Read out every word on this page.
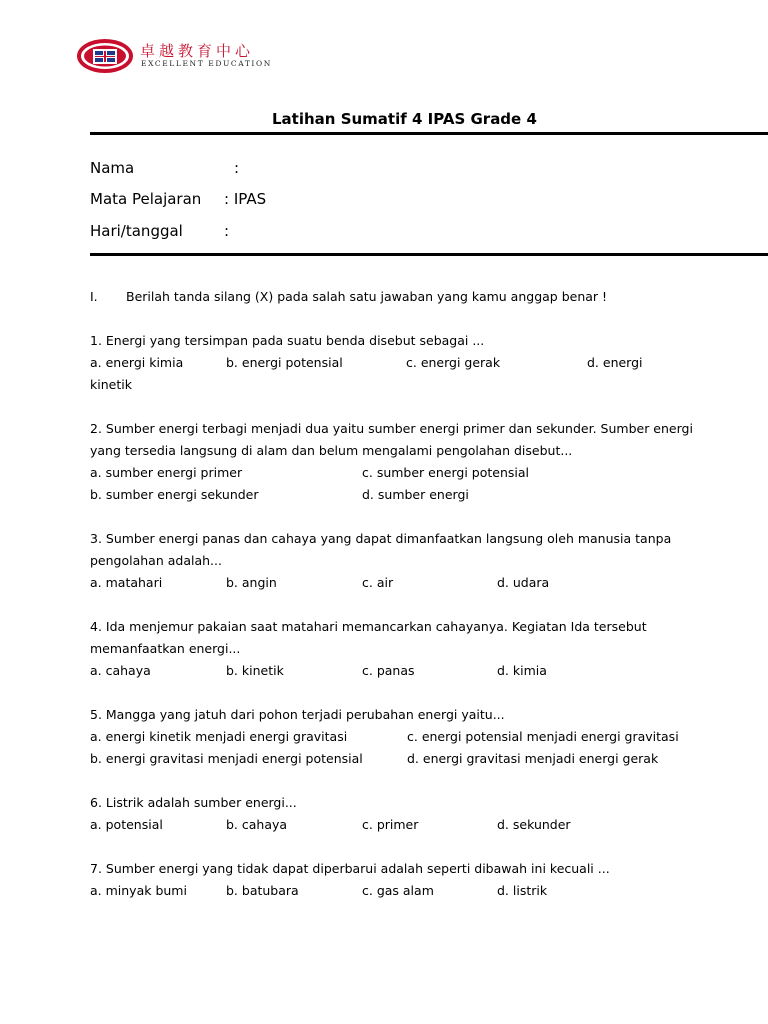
卓越教育中心
EXCELLENT EDUCATION
Latihan Sumatif 4 IPAS Grade 4
Nama	:
Mata Pelajaran : IPAS
Hari/tanggal	:
I. Berilah tanda silang (X) pada salah satu jawaban yang kamu anggap benar !
1. Energi yang tersimpan pada suatu benda disebut sebagai ...
a. energi kimia	b. energi potensial	c. energi gerak	d. energi
kinetik
2. Sumber energi terbagi menjadi dua yaitu sumber energi primer dan sekunder. Sumber energi
yang tersedia langsung di alam dan belum mengalami pengolahan disebut...
a. sumber energi primer	c. sumber energi potensial
b. sumber energi sekunder	d. sumber energi
3. Sumber energi panas dan cahaya yang dapat dimanfaatkan langsung oleh manusia tanpa
pengolahan adalah...
a. matahari	b. angin	c. air	d. udara
4. Ida menjemur pakaian saat matahari memancarkan cahayanya. Kegiatan Ida tersebut
memanfaatkan energi...
a. cahaya	b. kinetik	c. panas	d. kimia
5. Mangga yang jatuh dari pohon terjadi perubahan energi yaitu...
a. energi kinetik menjadi energi gravitasi	c. energi potensial menjadi energi gravitasi
b. energi gravitasi menjadi energi potensial	d. energi gravitasi menjadi energi gerak
6. Listrik adalah sumber energi...
a. potensial	b. cahaya	c. primer	d. sekunder
7. Sumber energi yang tidak dapat diperbarui adalah seperti dibawah ini kecuali ...
a. minyak bumi	b. batubara	c. gas alam	d. listrik
